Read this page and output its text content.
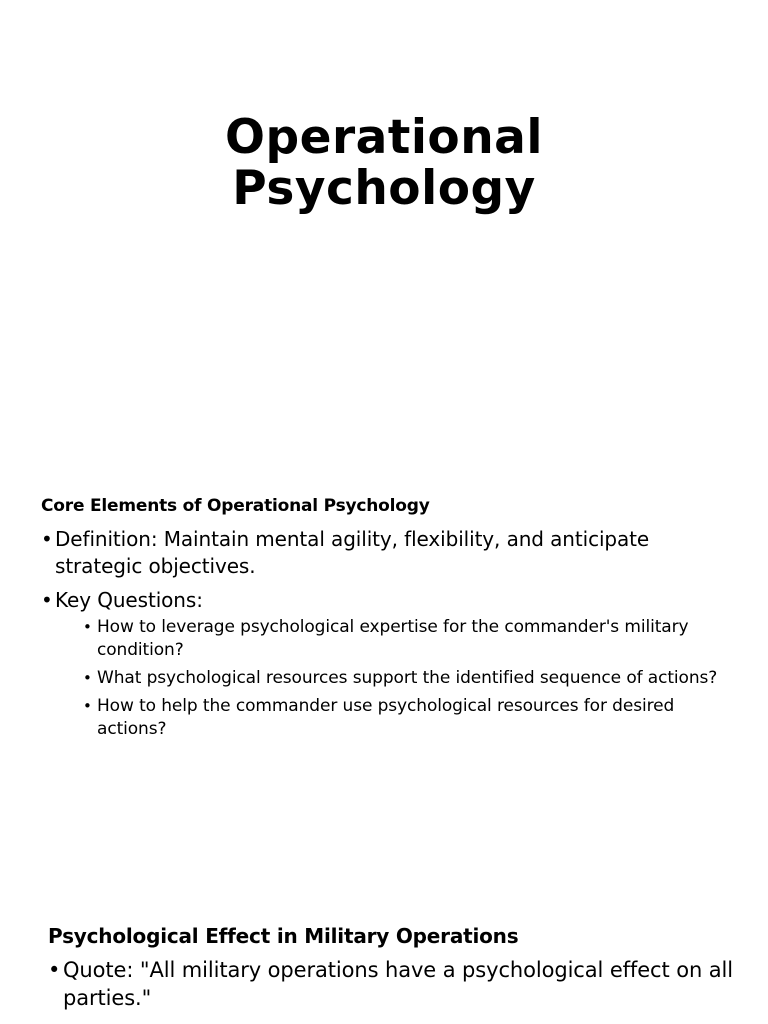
Operational
Psychology
Core Elements of Operational Psychology
• Definition: Maintain mental agility, flexibility, and anticipate strategic objectives.
• Key Questions:
• How to leverage psychological expertise for the commander's military condition?
• What psychological resources support the identified sequence of actions?
• How to help the commander use psychological resources for desired actions?
Psychological Effect in Military Operations
• Quote: "All military operations have a psychological effect on all parties."
